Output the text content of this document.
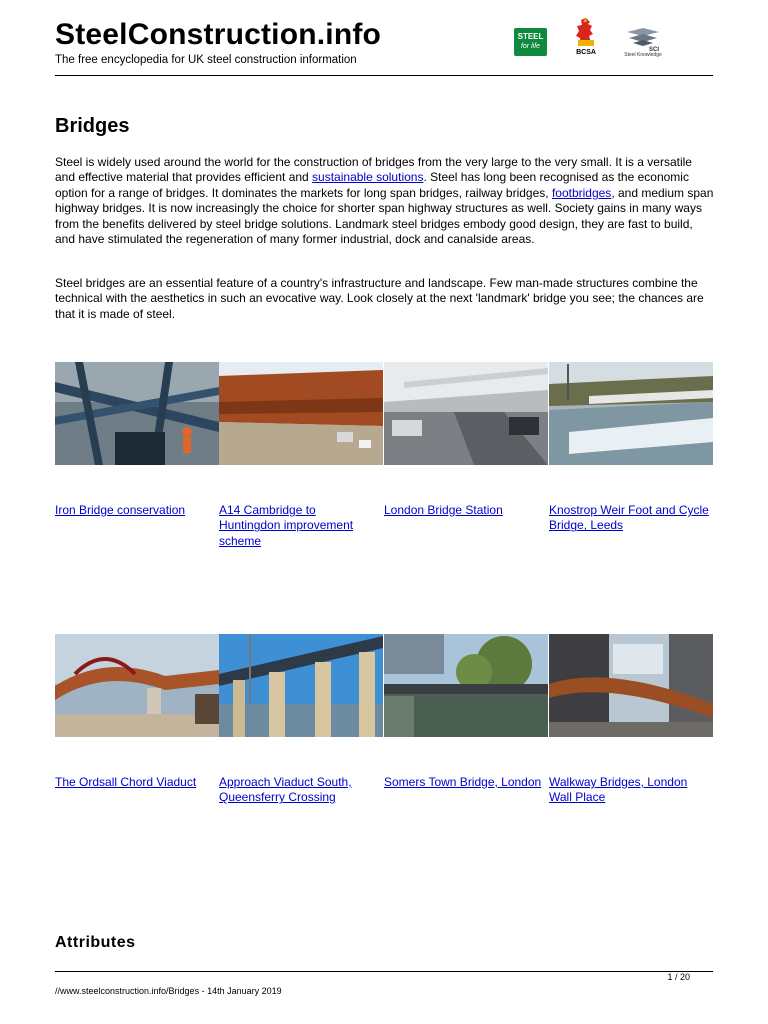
SteelConstruction.info
The free encyclopedia for UK steel construction information
STEEL
for life
BCSA	SCI
Steel Knowledge
Bridges

Steel is widely used around the world for the construction of bridges from the very large to the very small. It is a versatile and effective material that provides efficient and sustainable solutions. Steel has long been recognised as the economic option for a range of bridges. It dominates the markets for long span bridges, railway bridges, footbridges, and medium span highway bridges. It is now increasingly the choice for shorter span highway structures as well. Society gains in many ways from the benefits delivered by steel bridge solutions. Landmark steel bridges embody good design, they are fast to build, and have stimulated the regeneration of many former industrial, dock and canalside areas.

Steel bridges are an essential feature of a country's infrastructure and landscape. Few man-made structures combine the technical with the aesthetics in such an evocative way. Look closely at the next 'landmark' bridge you see; the chances are that it is made of steel.

Iron Bridge conservation	A14 Cambridge to Huntingdon improvement scheme
London Bridge Station	Knostrop Weir Foot and Cycle Bridge, Leeds
The Ordsall Chord Viaduct	Approach Viaduct South, Queensferry Crossing
Somers Town Bridge, London Walkway Bridges, London Wall Place
Attributes
1 / 20
//www.steelconstruction.info/Bridges - 14th January 2019
